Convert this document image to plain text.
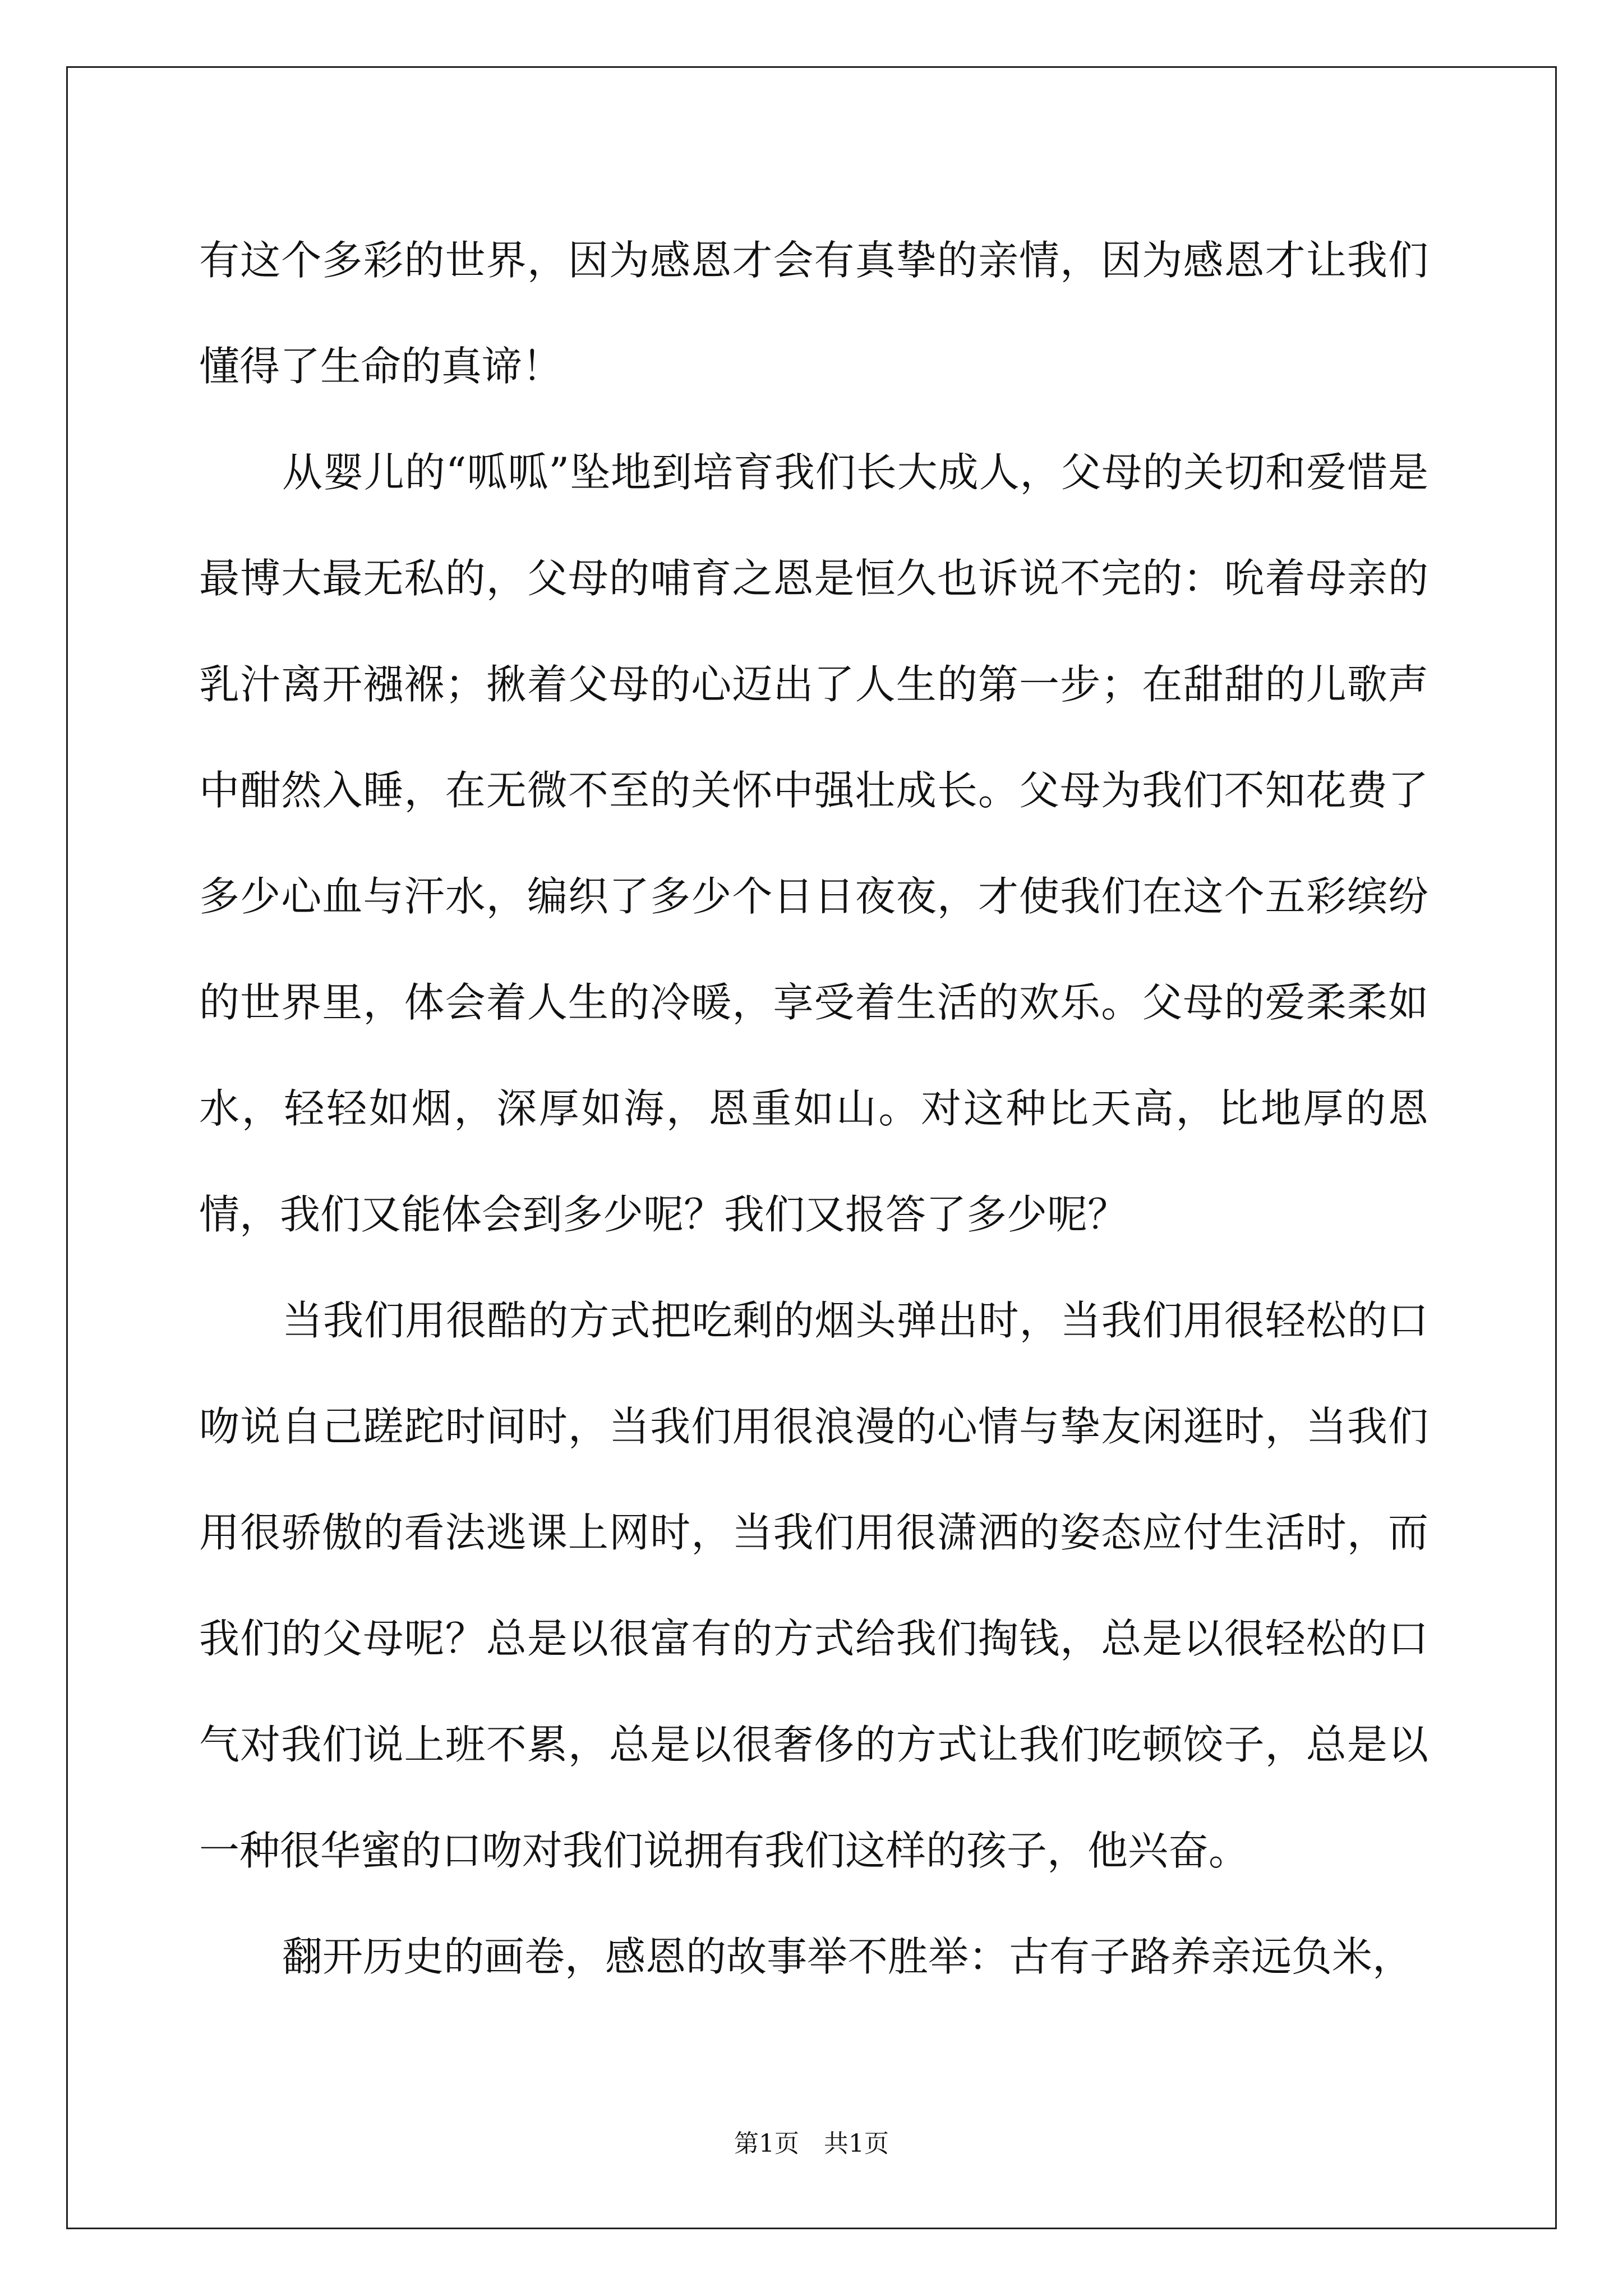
有这个多彩的世界，因为感恩才会有真挚的亲情，因为感恩才让我们懂得了生命的真谛！

从婴儿的“呱呱”坠地到培育我们长大成人，父母的关切和爱惜是最博大最无私的，父母的哺育之恩是恒久也诉说不完的：吮着母亲的乳汁离开襁褓；揪着父母的心迈出了人生的第一步；在甜甜的儿歌声中酣然入睡，在无微不至的关怀中强壮成长。父母为我们不知花费了多少心血与汗水，编织了多少个日日夜夜，才使我们在这个五彩缤纷的世界里，体会着人生的冷暖，享受着生活的欢乐。父母的爱柔柔如水，轻轻如烟，深厚如海，恩重如山。对这种比天高，比地厚的恩情，我们又能体会到多少呢？我们又报答了多少呢？

当我们用很酷的方式把吃剩的烟头弹出时，当我们用很轻松的口吻说自己蹉跎时间时，当我们用很浪漫的心情与挚友闲逛时，当我们用很骄傲的看法逃课上网时，当我们用很潇洒的姿态应付生活时，而我们的父母呢？总是以很富有的方式给我们掏钱，总是以很轻松的口气对我们说上班不累，总是以很奢侈的方式让我们吃顿饺子，总是以一种很华蜜的口吻对我们说拥有我们这样的孩子，他兴奋。

翻开历史的画卷，感恩的故事举不胜举：古有子路养亲远负米，

第1页　共1页
